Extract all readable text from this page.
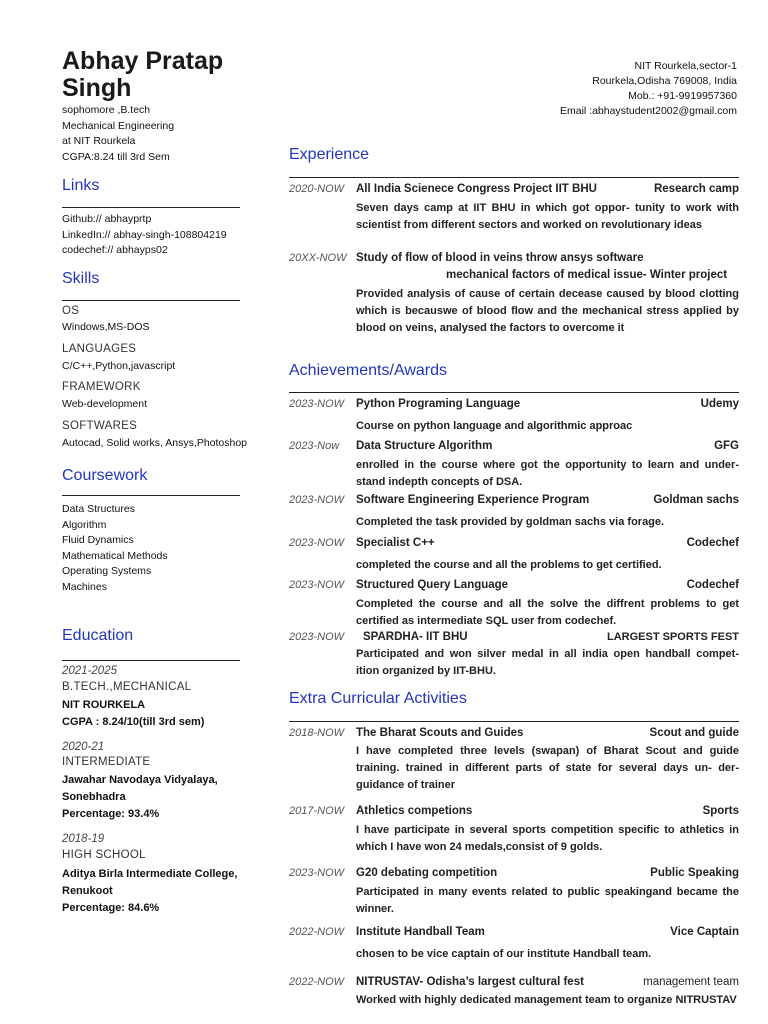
Abhay Pratap
Singh
sophomore ,B.tech
Mechanical Engineering
at NIT Rourkela
CGPA:8.24 till 3rd Sem
NIT Rourkela,sector-1
Rourkela,Odisha 769008, India
Mob.: +91-9919957360
Email :abhaystudent2002@gmail.com
Links
Github:// abhayprtp
LinkedIn:// abhay-singh-108804219
codechef:// abhayps02
Skills
OS
Windows,MS-DOS
LANGUAGES
C/C++,Python,javascript
FRAMEWORK
Web-development
SOFTWARES
Autocad, Solid works, Ansys,Photoshop
Coursework
Data Structures
Algorithm
Fluid Dynamics
Mathematical Methods
Operating Systems
Machines
Education
2021-2025
B.TECH.,MECHANICAL
NIT ROURKELA
CGPA : 8.24/10(till 3rd sem)
2020-21
INTERMEDIATE
Jawahar Navodaya Vidyalaya,
Sonebhadra
Percentage: 93.4%
2018-19
HIGH SCHOOL
Aditya Birla Intermediate College,
Renukoot
Percentage: 84.6%
Experience
2020-NOW All India Scienece Congress Project IIT BHU	Research camp
Seven days camp at IIT BHU in which got oppor- tunity to work with scientist from different sectors and worked on revolutionary ideas
20XX-NOW Study of flow of blood in veins throw ansys software
mechanical factors of medical issue- Winter project
Provided analysis of cause of certain decease caused by blood clotting which is becauswe of blood flow and the mechanical stress applied by blood on veins, analysed the factors to overcome it
Achievements/Awards
2023-NOW Python Programing Language	Udemy
Course on python language and algorithmic approac
2023-Now Data Structure Algorithm	GFG
enrolled in the course where got the opportunity to learn and under- stand indepth concepts of DSA.
2023-NOW Software Engineering Experience Program	Goldman sachs
Completed the task provided by goldman sachs via forage.
2023-NOW Specialist C++	Codechef
completed the course and all the problems to get certified.
2023-NOW Structured Query Language	Codechef
Completed the course and all the solve the diffrent problems to get certified as intermediate SQL user from codechef.
2023-NOW SPARDHA- IIT BHU	LARGEST SPORTS FEST
Participated and won silver medal in all india open handball compet- ition organized by IIT-BHU.
Extra Curricular Activities
2018-NOW The Bharat Scouts and Guides	Scout and guide
I have completed three levels (swapan) of Bharat Scout and guide training. trained in different parts of state for several days un- der-guidance of trainer
2017-NOW Athletics competions	Sports
I have participate in several sports competition specific to athletics in which I have won 24 medals,consist of 9 golds.
2023-NOW G20 debating competition	Public Speaking
Participated in many events related to public speakingand became the winner.
2022-NOW Institute Handball Team	Vice Captain
chosen to be vice captain of our institute Handball team.
2022-NOW NITRUSTAV- Odisha’s largest cultural fest	management team
Worked with highly dedicated management team to organize NITRUSTAV
